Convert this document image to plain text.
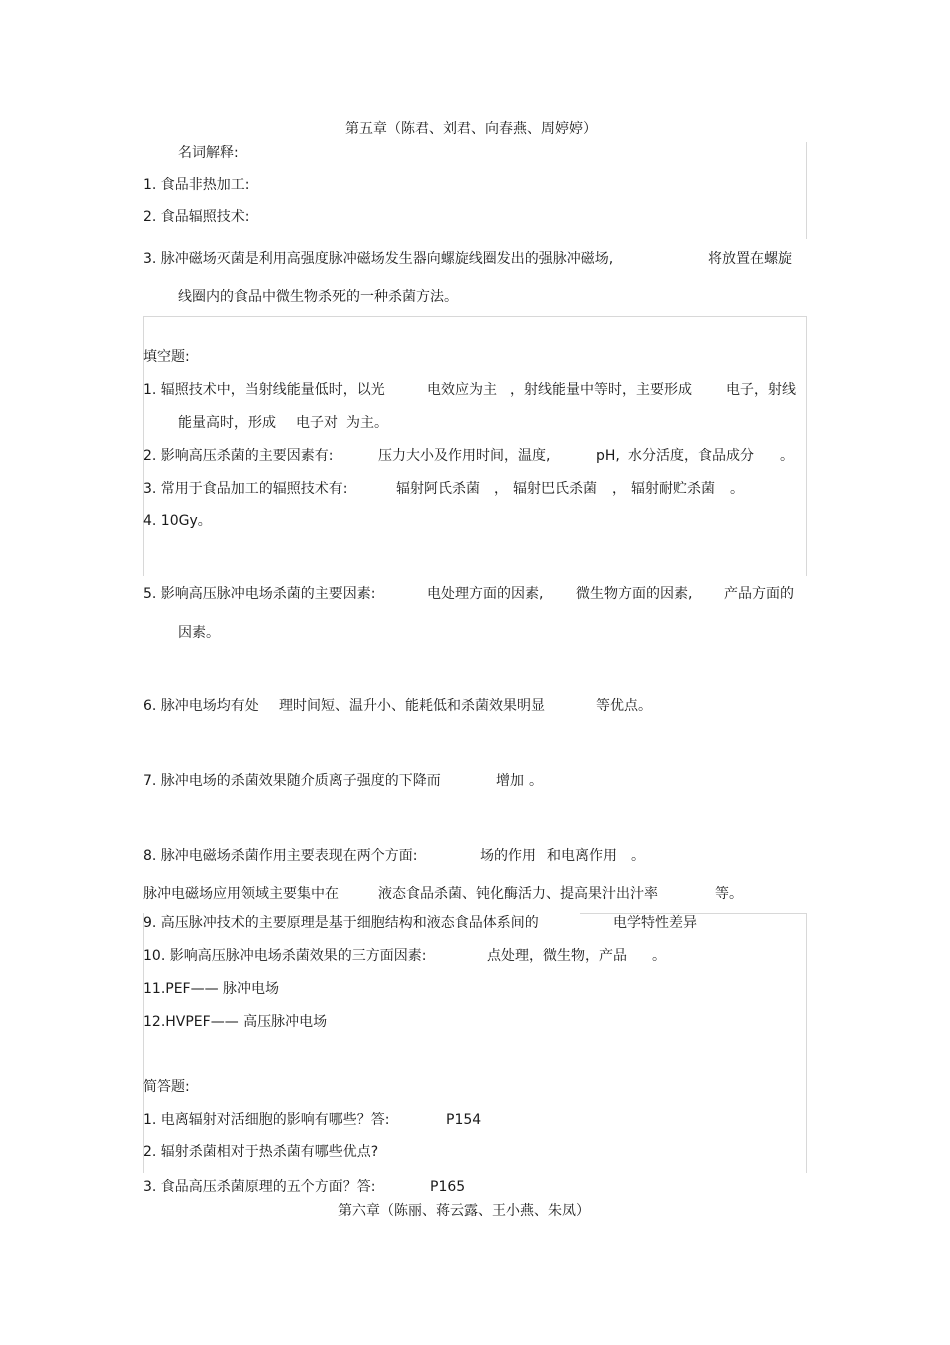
第五章（陈君、刘君、向春燕、周婷婷）
名词解释:
1. 食品非热加工:
2. 食品辐照技术:
3. 脉冲磁场灭菌是利用高强度脉冲磁场发生器向螺旋线圈发出的强脉冲磁场,	将放置在螺旋
线圈内的食品中微生物杀死的一种杀菌方法。
填空题:
1. 辐照技术中，当射线能量低时，以光	电效应为主 ，射线能量中等时，主要形成 电子，射线
能量高时，形成 电子对 为主。
2. 影响高压杀菌的主要因素有:	压力大小及作用时间，温度,	pH, 水分活度，食品成分 。
3. 常用于食品加工的辐照技术有:	辐射阿氏杀菌 ， 辐射巴氏杀菌 ， 辐射耐贮杀菌 。
4. 10Gy。
5. 影响高压脉冲电场杀菌的主要因素:	电处理方面的因素, 微生物方面的因素, 产品方面的
因素。
6. 脉冲电场均有处 理时间短、温升小、能耗低和杀菌效果明显	等优点。
7. 脉冲电场的杀菌效果随介质离子强度的下降而	增加 。
8. 脉冲电磁场杀菌作用主要表现在两个方面:	场的作用 和电离作用 。
脉冲电磁场应用领域主要集中在	液态食品杀菌、钝化酶活力、提高果汁出汁率	等。
9. 高压脉冲技术的主要原理是基于细胞结构和液态食品体系间的	电学特性差异
10. 影响高压脉冲电场杀菌效果的三方面因素:	点处理，微生物，产品 。
11.PEF—— 脉冲电场
12.HVPEF—— 高压脉冲电场
简答题:
1. 电离辐射对活细胞的影响有哪些？答:	P154
2. 辐射杀菌相对于热杀菌有哪些优点?
3. 食品高压杀菌原理的五个方面？答:	P165
第六章（陈丽、蒋云露、王小燕、朱凤）
